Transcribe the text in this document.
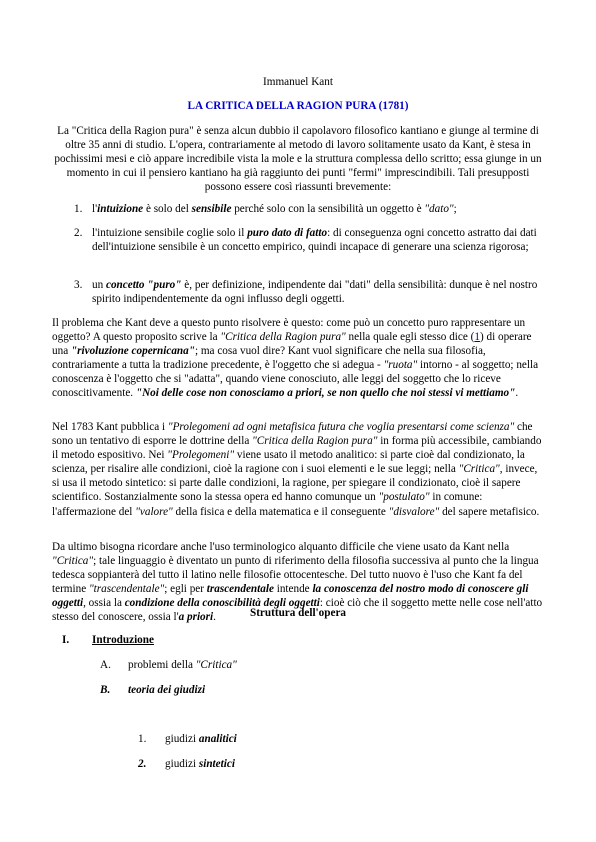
Immanuel Kant
LA CRITICA DELLA RAGION PURA (1781)

La "Critica della Ragion pura" è senza alcun dubbio il capolavoro filosofico kantiano e giunge al termine di oltre 35 anni di studio. L'opera, contrariamente al metodo di lavoro solitamente usato da Kant, è stesa in pochissimi mesi e ciò appare incredibile vista la mole e la struttura complessa dello scritto; essa giunge in un momento in cui il pensiero kantiano ha già raggiunto dei punti "fermi" imprescindibili. Tali presupposti possono essere così riassunti brevemente:

1. l'intuizione è solo del sensibile perché solo con la sensibilità un oggetto è "dato";

2. l'intuizione sensibile coglie solo il puro dato di fatto: di conseguenza ogni concetto astratto dai dati dell'intuizione sensibile è un concetto empirico, quindi incapace di generare una scienza rigorosa;

3. un concetto "puro" è, per definizione, indipendente dai "dati" della sensibilità: dunque è nel nostro spirito indipendentemente da ogni influsso degli oggetti.

Il problema che Kant deve a questo punto risolvere è questo: come può un concetto puro rappresentare un oggetto? A questo proposito scrive la "Critica della Ragion pura" nella quale egli stesso dice (1) di operare una "rivoluzione copernicana"; ma cosa vuol dire? Kant vuol significare che nella sua filosofia, contrariamente a tutta la tradizione precedente, è l'oggetto che si adegua - "ruota" intorno - al soggetto; nella conoscenza è l'oggetto che si "adatta", quando viene conosciuto, alle leggi del soggetto che lo riceve conoscitivamente. "Noi delle cose non conosciamo a priori, se non quello che noi stessi vi mettiamo".

Nel 1783 Kant pubblica i "Prolegomeni ad ogni metafisica futura che voglia presentarsi come scienza" che sono un tentativo di esporre le dottrine della "Critica della Ragion pura" in forma più accessibile, cambiando il metodo espositivo. Nei "Prolegomeni" viene usato il metodo analitico: si parte cioè dal condizionato, la scienza, per risalire alle condizioni, cioè la ragione con i suoi elementi e le sue leggi; nella "Critica", invece, si usa il metodo sintetico: si parte dalle condizioni, la ragione, per spiegare il condizionato, cioè il sapere scientifico. Sostanzialmente sono la stessa opera ed hanno comunque un "postulato" in comune: l'affermazione del "valore" della fisica e della matematica e il conseguente "disvalore" del sapere metafisico.

Da ultimo bisogna ricordare anche l'uso terminologico alquanto difficile che viene usato da Kant nella "Critica"; tale linguaggio è diventato un punto di riferimento della filosofia successiva al punto che la lingua tedesca soppianterà del tutto il latino nelle filosofie ottocentesche. Del tutto nuovo è l'uso che Kant fa del termine "trascendentale"; egli per trascendentale intende la conoscenza del nostro modo di conoscere gli oggetti, ossia la condizione della conoscibilità degli oggetti: cioè ciò che il soggetto mette nelle cose nell'atto stesso del conoscere, ossia l'a priori.	Struttura dell'opera
I. Introduzione
A. problemi della "Critica"
B. teoria dei giudizi
1. giudizi analitici
2. giudizi sintetici
